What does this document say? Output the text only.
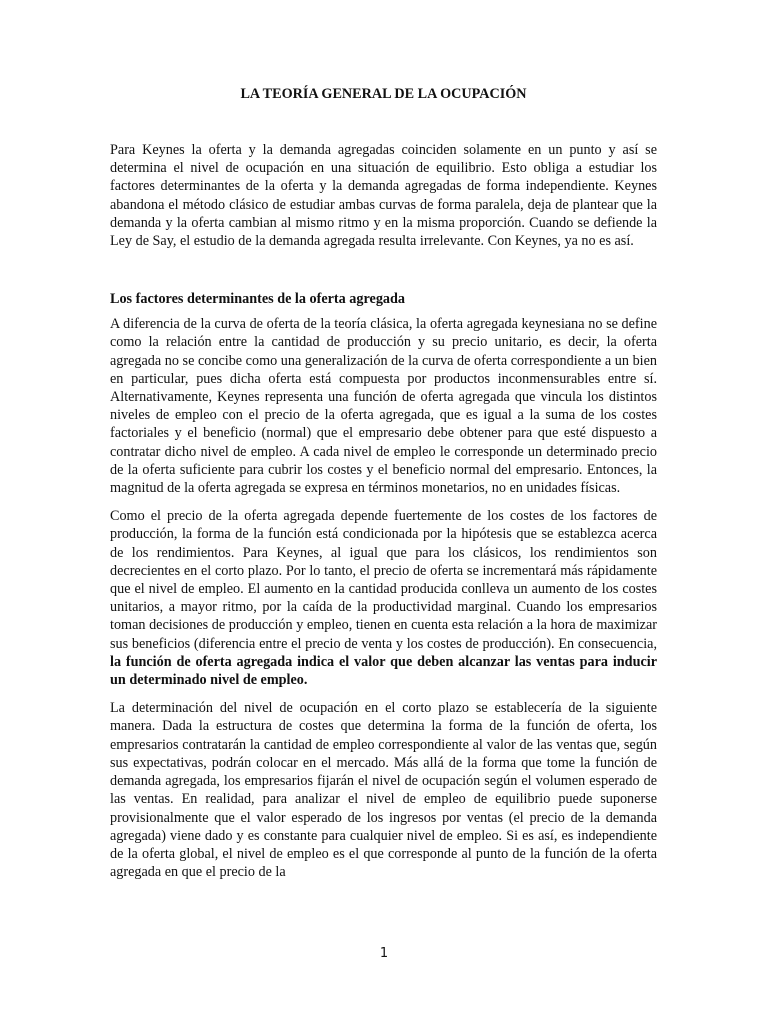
LA TEORÍA GENERAL DE LA OCUPACIÓN

Para Keynes la oferta y la demanda agregadas coinciden solamente en un punto y así se determina el nivel de ocupación en una situación de equilibrio. Esto obliga a estudiar los factores determinantes de la oferta y la demanda agregadas de forma independiente. Keynes abandona el método clásico de estudiar ambas curvas de forma paralela, deja de plantear que la demanda y la oferta cambian al mismo ritmo y en la misma proporción. Cuando se defiende la Ley de Say, el estudio de la demanda agregada resulta irrelevante. Con Keynes, ya no es así.

Los factores determinantes de la oferta agregada

A diferencia de la curva de oferta de la teoría clásica, la oferta agregada keynesiana no se define como la relación entre la cantidad de producción y su precio unitario, es decir, la oferta agregada no se concibe como una generalización de la curva de oferta correspondiente a un bien en particular, pues dicha oferta está compuesta por productos inconmensurables entre sí. Alternativamente, Keynes representa una función de oferta agregada que vincula los distintos niveles de empleo con el precio de la oferta agregada, que es igual a la suma de los costes factoriales y el beneficio (normal) que el empresario debe obtener para que esté dispuesto a contratar dicho nivel de empleo. A cada nivel de empleo le corresponde un determinado precio de la oferta suficiente para cubrir los costes y el beneficio normal del empresario. Entonces, la magnitud de la oferta agregada se expresa en términos monetarios, no en unidades físicas.

Como el precio de la oferta agregada depende fuertemente de los costes de los factores de producción, la forma de la función está condicionada por la hipótesis que se establezca acerca de los rendimientos. Para Keynes, al igual que para los clásicos, los rendimientos son decrecientes en el corto plazo. Por lo tanto, el precio de oferta se incrementará más rápidamente que el nivel de empleo. El aumento en la cantidad producida conlleva un aumento de los costes unitarios, a mayor ritmo, por la caída de la productividad marginal. Cuando los empresarios toman decisiones de producción y empleo, tienen en cuenta esta relación a la hora de maximizar sus beneficios (diferencia entre el precio de venta y los costes de producción). En consecuencia, la función de oferta agregada indica el valor que deben alcanzar las ventas para inducir un determinado nivel de empleo.

La determinación del nivel de ocupación en el corto plazo se establecería de la siguiente manera. Dada la estructura de costes que determina la forma de la función de oferta, los empresarios contratarán la cantidad de empleo correspondiente al valor de las ventas que, según sus expectativas, podrán colocar en el mercado. Más allá de la forma que tome la función de demanda agregada, los empresarios fijarán el nivel de ocupación según el volumen esperado de las ventas. En realidad, para analizar el nivel de empleo de equilibrio puede suponerse provisionalmente que el valor esperado de los ingresos por ventas (el precio de la demanda agregada) viene dado y es constante para cualquier nivel de empleo. Si es así, es independiente de la oferta global, el nivel de empleo es el que corresponde al punto de la función de la oferta agregada en que el precio de la

1
